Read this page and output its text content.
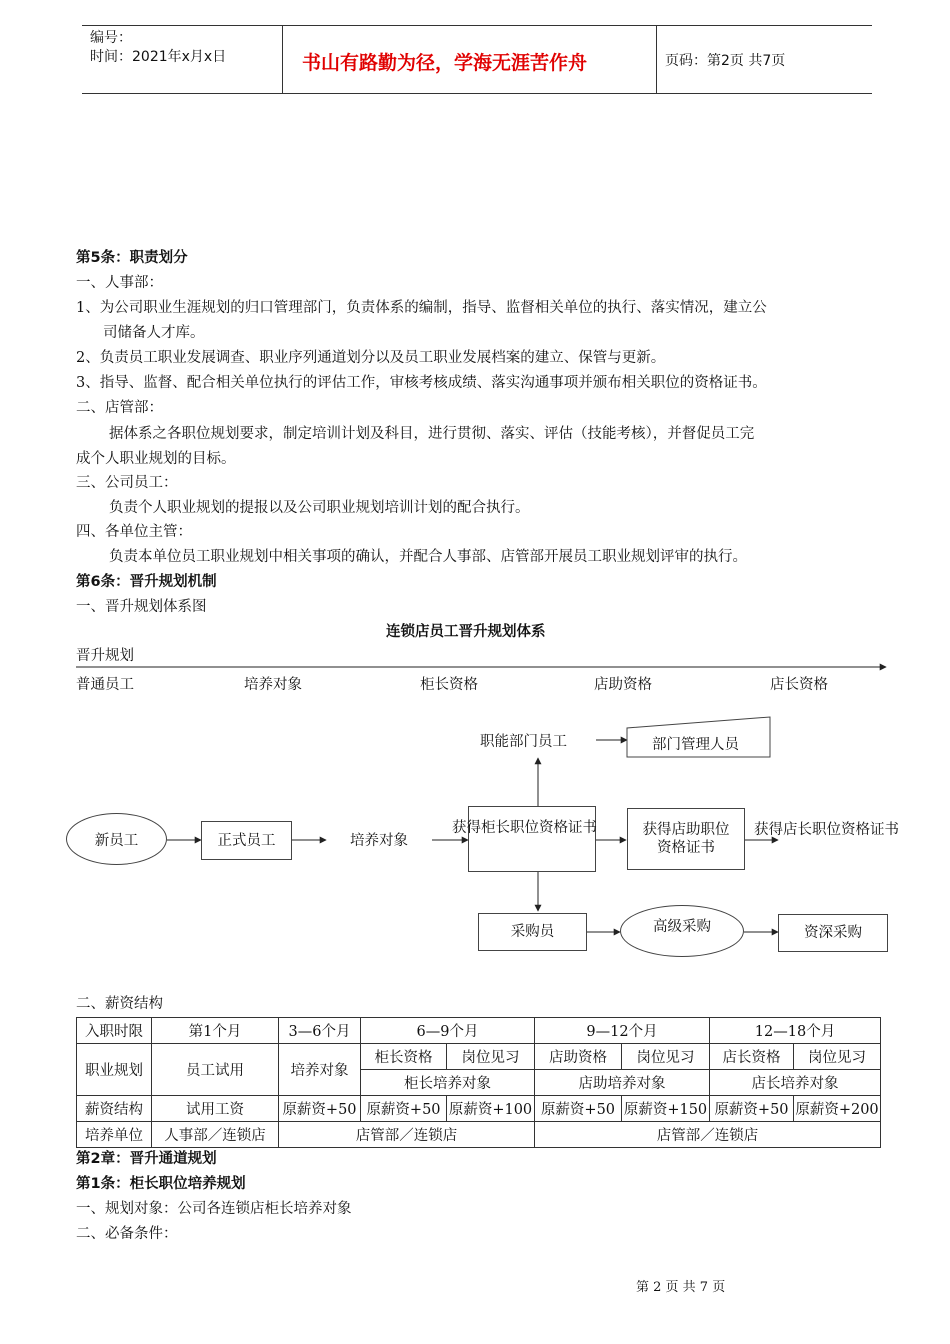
编号：
时间：2021年x月x日	书山有路勤为径，学海无涯苦作舟	页码：第2页 共7页
第5条：职责划分
一、人事部：
1、为公司职业生涯规划的归口管理部门，负责体系的编制，指导、监督相关单位的执行、落实情况，建立公
司储备人才库。
2、负责员工职业发展调查、职业序列通道划分以及员工职业发展档案的建立、保管与更新。
3、指导、监督、配合相关单位执行的评估工作，审核考核成绩、落实沟通事项并颁布相关职位的资格证书。
二、店管部：
据体系之各职位规划要求，制定培训计划及科目，进行贯彻、落实、评估（技能考核），并督促员工完
成个人职业规划的目标。
三、公司员工：
负责个人职业规划的提报以及公司职业规划培训计划的配合执行。
四、各单位主管：
负责本单位员工职业规划中相关事项的确认，并配合人事部、店管部开展员工职业规划评审的执行。
第6条：晋升规划机制
一、晋升规划体系图
连锁店员工晋升规划体系
晋升规划
普通员工	培养对象	柜长资格	店助资格	店长资格
职能部门员工	部门管理人员
新员工	正式员工	培养对象
获得柜长职位资格证书	获得店助职位资格证书
获得店长职位资格证书
采购员	高级采购	资深采购
二、薪资结构
入职时限	第1个月	3—6个月	6—9个月		9—12个月		12—18个月	
职业规划	员工试用	培养对象	柜长资格	岗位见习	店助资格	岗位见习	店长资格	岗位见习
			柜长培养对象		店助培养对象		店长培养对象	
薪资结构	试用工资	原薪资+50	原薪资+50	原薪资+100	原薪资+50	原薪资+150	原薪资+50	原薪资+200
培养单位	人事部／连锁店	店管部／连锁店			店管部／连锁店			
第2章：晋升通道规划
第1条：柜长职位培养规划
一、规划对象：公司各连锁店柜长培养对象
二、必备条件：
第 2 页 共 7 页
